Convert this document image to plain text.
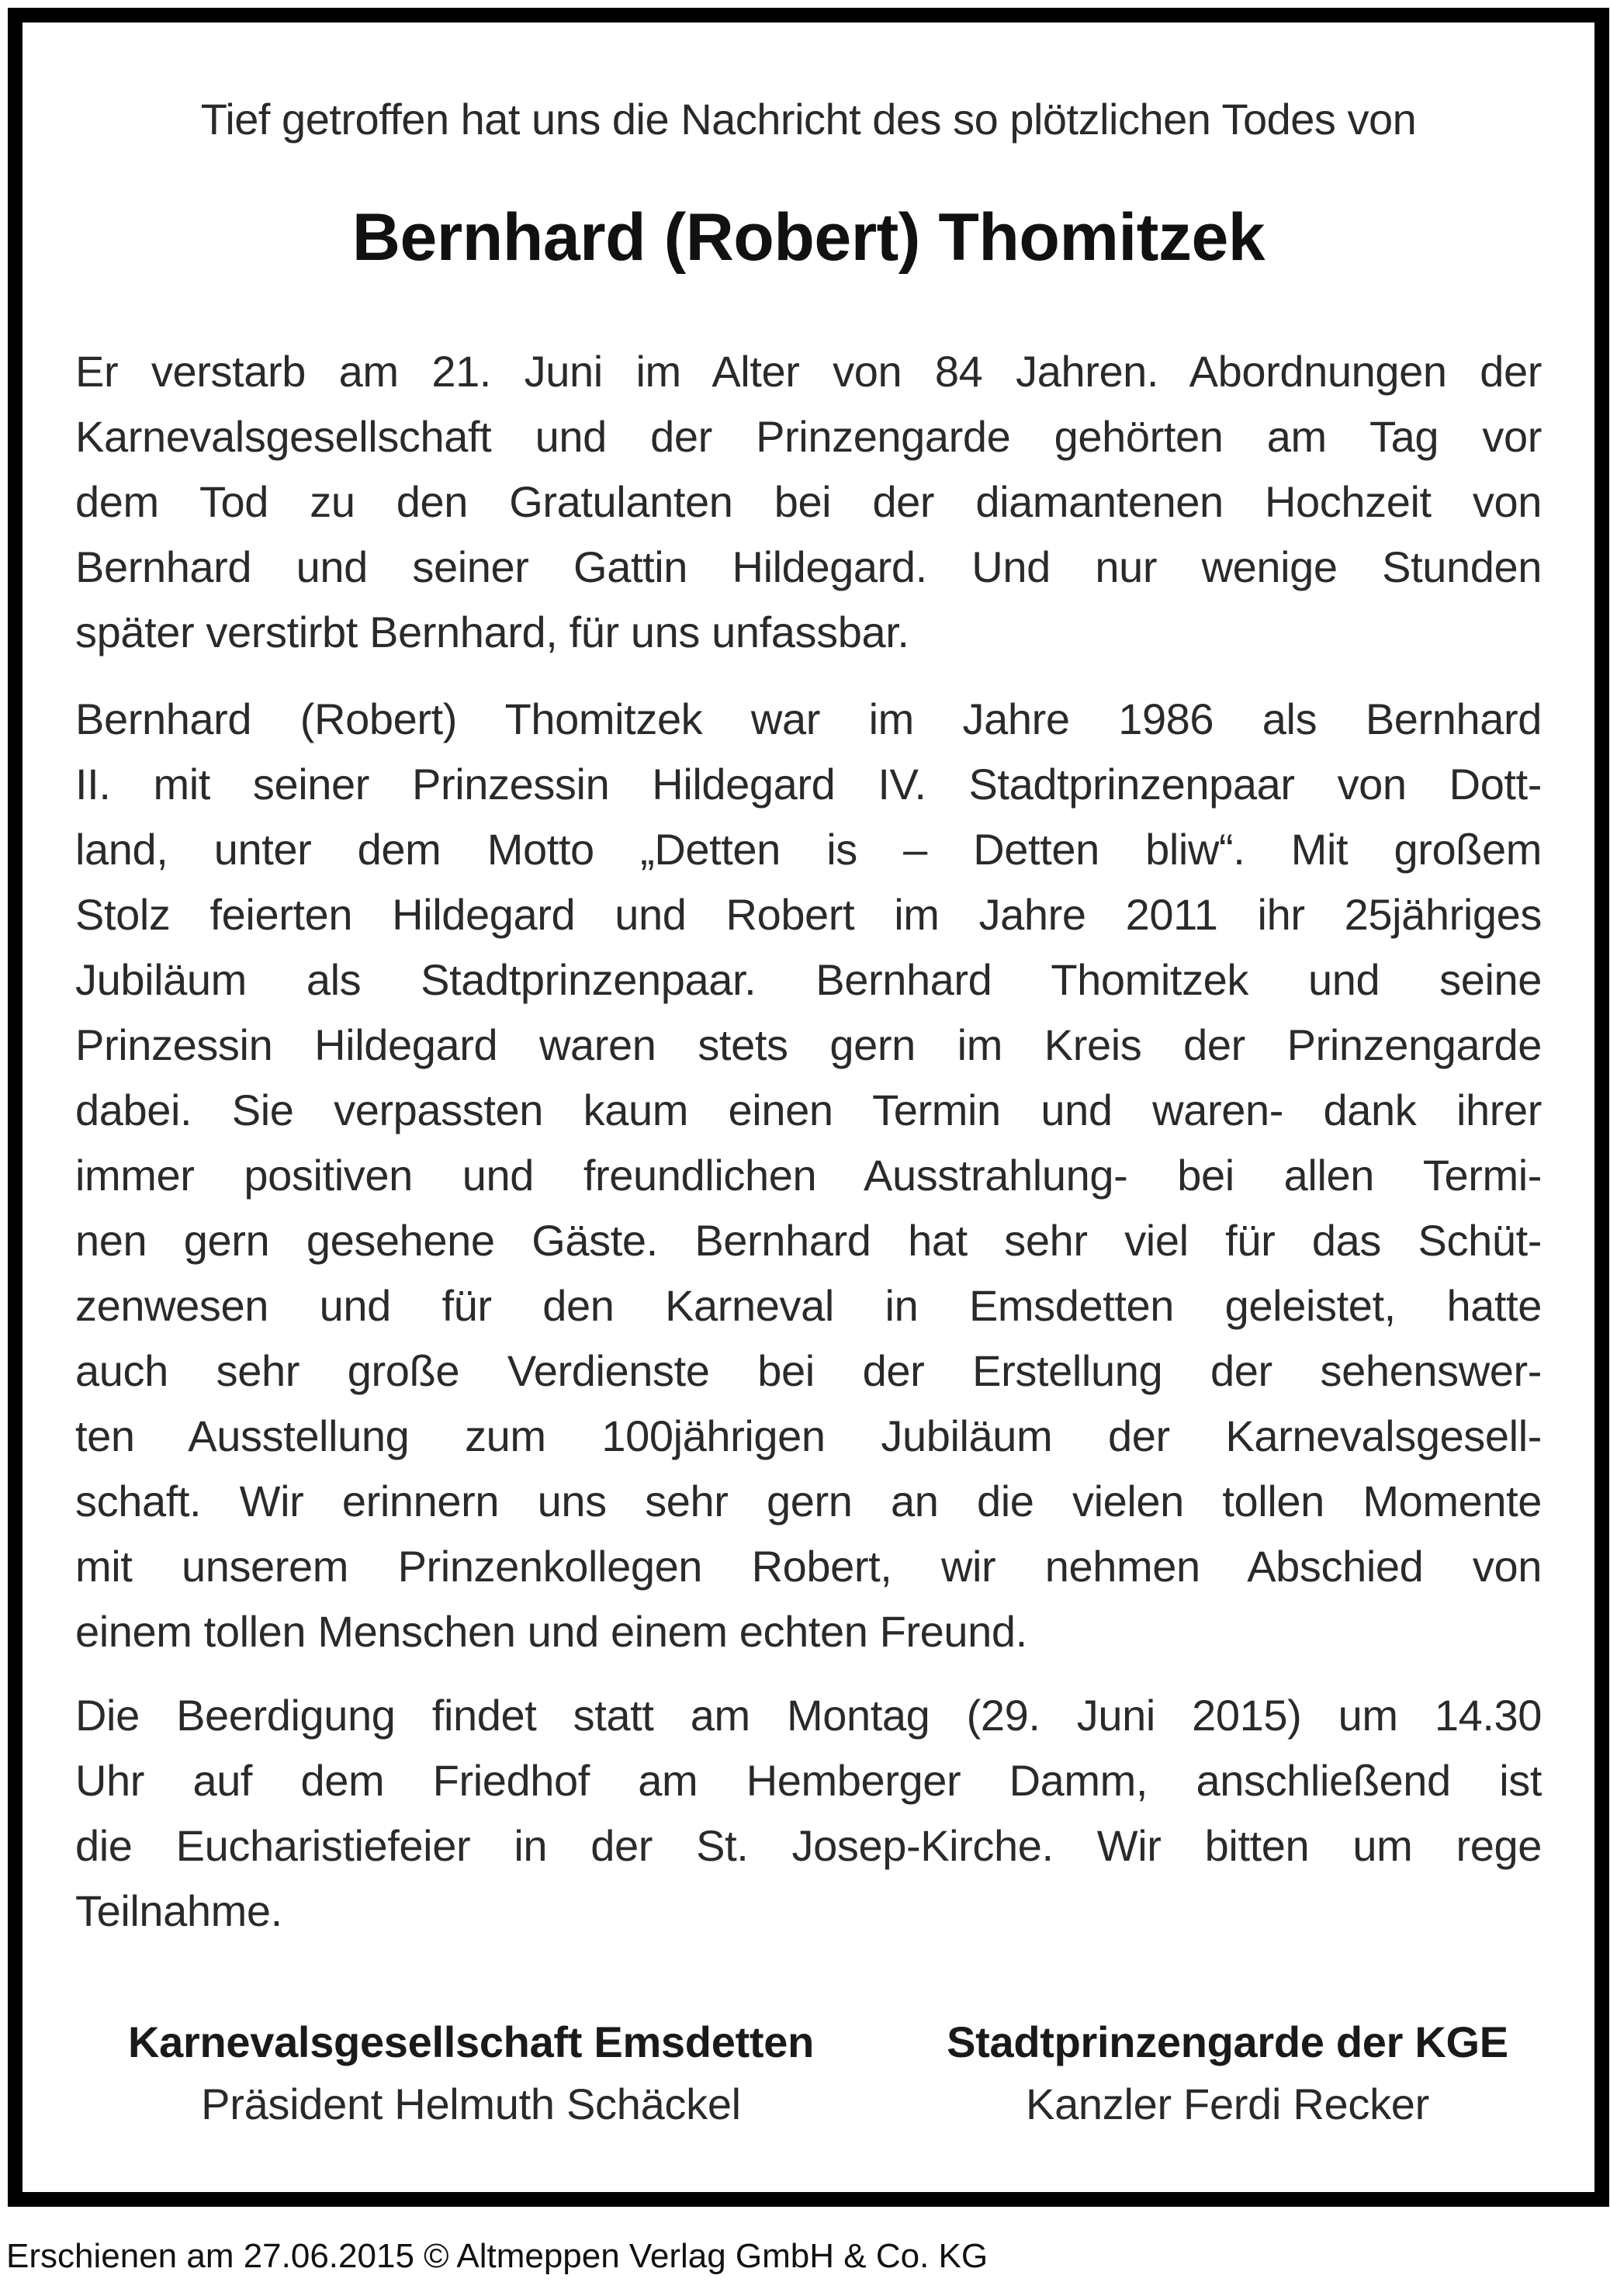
Tief getroffen hat uns die Nachricht des so plötzlichen Todes von
Bernhard (Robert) Thomitzek
Er verstarb am 21. Juni im Alter von 84 Jahren. Abordnungen der
Karnevalsgesellschaft und der Prinzengarde gehörten am Tag vor
dem Tod zu den Gratulanten bei der diamantenen Hochzeit von
Bernhard und seiner Gattin Hildegard. Und nur wenige Stunden
später verstirbt Bernhard, für uns unfassbar.
Bernhard (Robert) Thomitzek war im Jahre 1986 als Bernhard
II. mit seiner Prinzessin Hildegard IV. Stadtprinzenpaar von Dott-
land, unter dem Motto „Detten is – Detten bliw“. Mit großem
Stolz feierten Hildegard und Robert im Jahre 2011 ihr 25jähriges
Jubiläum als Stadtprinzenpaar. Bernhard Thomitzek und seine
Prinzessin Hildegard waren stets gern im Kreis der Prinzengarde
dabei. Sie verpassten kaum einen Termin und waren- dank ihrer
immer positiven und freundlichen Ausstrahlung- bei allen Termi-
nen gern gesehene Gäste. Bernhard hat sehr viel für das Schüt-
zenwesen und für den Karneval in Emsdetten geleistet, hatte
auch sehr große Verdienste bei der Erstellung der sehenswer-
ten Ausstellung zum 100jährigen Jubiläum der Karnevalsgesell-
schaft. Wir erinnern uns sehr gern an die vielen tollen Momente
mit unserem Prinzenkollegen Robert, wir nehmen Abschied von
einem tollen Menschen und einem echten Freund.
Die Beerdigung findet statt am Montag (29. Juni 2015) um 14.30
Uhr auf dem Friedhof am Hemberger Damm, anschließend ist
die Eucharistiefeier in der St. Josep-Kirche. Wir bitten um rege
Teilnahme.
Karnevalsgesellschaft Emsdetten
Präsident Helmuth Schäckel
Stadtprinzengarde der KGE
Kanzler Ferdi Recker
Erschienen am 27.06.2015 © Altmeppen Verlag GmbH & Co. KG
